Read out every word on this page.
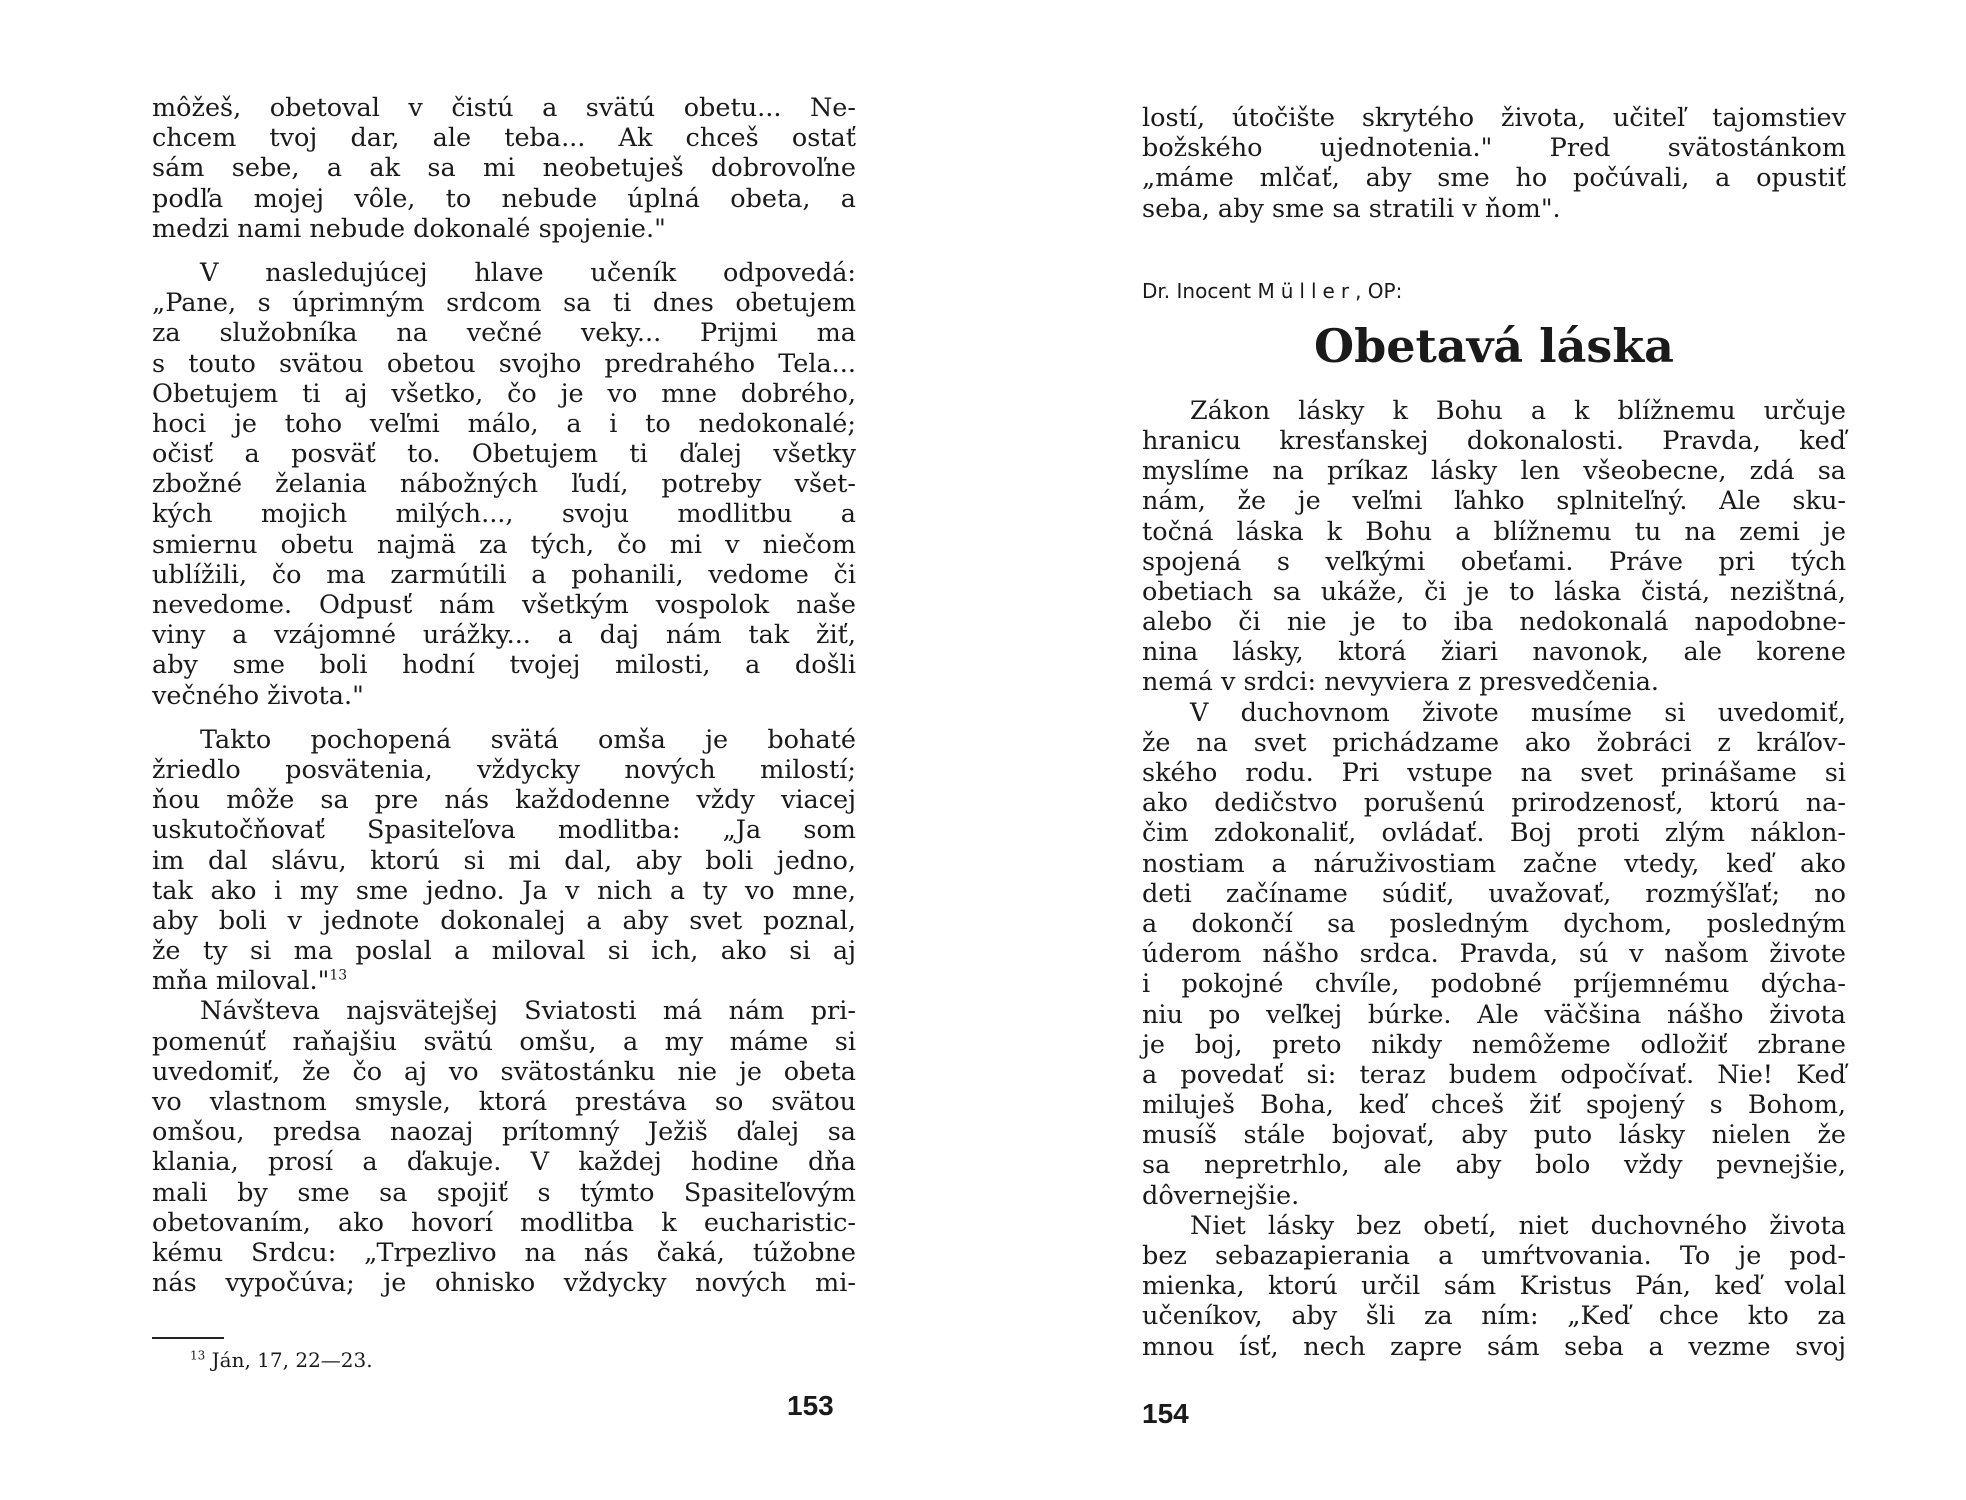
môžeš, obetoval v čistú a svätú obetu... Ne-
chcem tvoj dar, ale teba... Ak chceš ostať
sám sebe, a ak sa mi neobetuješ dobrovoľne
podľa mojej vôle, to nebude úplná obeta, a
medzi nami nebude dokonalé spojenie."
V nasledujúcej hlave učeník odpovedá:
„Pane, s úprimným srdcom sa ti dnes obetujem
za služobníka na večné veky... Prijmi ma
s touto svätou obetou svojho predrahého Tela...
Obetujem ti aj všetko, čo je vo mne dobrého,
hoci je toho veľmi málo, a i to nedokonalé;
očisť a posväť to. Obetujem ti ďalej všetky
zbožné želania nábožných ľudí, potreby všet-
kých mojich milých..., svoju modlitbu a
smiernu obetu najmä za tých, čo mi v niečom
ublížili, čo ma zarmútili a pohanili, vedome či
nevedome. Odpusť nám všetkým vospolok naše
viny a vzájomné urážky... a daj nám tak žiť,
aby sme boli hodní tvojej milosti, a došli
večného života."
Takto pochopená svätá omša je bohaté
žriedlo posvätenia, vždycky nových milostí;
ňou môže sa pre nás každodenne vždy viacej
uskutočňovať Spasiteľova modlitba: „Ja som
im dal slávu, ktorú si mi dal, aby boli jedno,
tak ako i my sme jedno. Ja v nich a ty vo mne,
aby boli v jednote dokonalej a aby svet poznal,
že ty si ma poslal a miloval si ich, ako si aj
mňa miloval."$^{13}$
Návšteva najsvätejšej Sviatosti má nám pri-
pomenúť raňajšiu svätú omšu, a my máme si
uvedomiť, že čo aj vo svätostánku nie je obeta
vo vlastnom smysle, ktorá prestáva so svätou
omšou, predsa naozaj prítomný Ježiš ďalej sa
klania, prosí a ďakuje. V každej hodine dňa
mali by sme sa spojiť s týmto Spasiteľovým
obetovaním, ako hovorí modlitba k eucharistic-
kému Srdcu: „Trpezlivo na nás čaká, túžobne
nás vypočúva; je ohnisko vždycky nových mi-
$^{13}$ Ján, 17, 22—23.
153
lostí, útočište skrytého života, učiteľ tajomstiev
božského ujednotenia." Pred svätostánkom
„máme mlčať, aby sme ho počúvali, a opustiť
seba, aby sme sa stratili v ňom".
Dr. Inocent Müller, OP:
Obetavá láska
Zákon lásky k Bohu a k blížnemu určuje
hranicu kresťanskej dokonalosti. Pravda, keď
myslíme na príkaz lásky len všeobecne, zdá sa
nám, že je veľmi ľahko splniteľný. Ale sku-
točná láska k Bohu a blížnemu tu na zemi je
spojená s veľkými obeťami. Práve pri tých
obetiach sa ukáže, či je to láska čistá, nezištná,
alebo či nie je to iba nedokonalá napodobne-
nina lásky, ktorá žiari navonok, ale korene
nemá v srdci: nevyviera z presvedčenia.
V duchovnom živote musíme si uvedomiť,
že na svet prichádzame ako žobráci z kráľov-
ského rodu. Pri vstupe na svet prinášame si
ako dedičstvo porušenú prirodzenosť, ktorú na-
čim zdokonaliť, ovládať. Boj proti zlým náklon-
nostiam a náruživostiam začne vtedy, keď ako
deti začíname súdiť, uvažovať, rozmýšľať; no
a dokončí sa posledným dychom, posledným
úderom nášho srdca. Pravda, sú v našom živote
i pokojné chvíle, podobné príjemnému dýcha-
niu po veľkej búrke. Ale väčšina nášho života
je boj, preto nikdy nemôžeme odložiť zbrane
a povedať si: teraz budem odpočívať. Nie! Keď
miluješ Boha, keď chceš žiť spojený s Bohom,
musíš stále bojovať, aby puto lásky nielen že
sa nepretrhlo, ale aby bolo vždy pevnejšie,
dôvernejšie.
Niet lásky bez obetí, niet duchovného života
bez sebazapierania a umŕtvovania. To je pod-
mienka, ktorú určil sám Kristus Pán, keď volal
učeníkov, aby šli za ním: „Keď chce kto za
mnou ísť, nech zapre sám seba a vezme svoj
154
